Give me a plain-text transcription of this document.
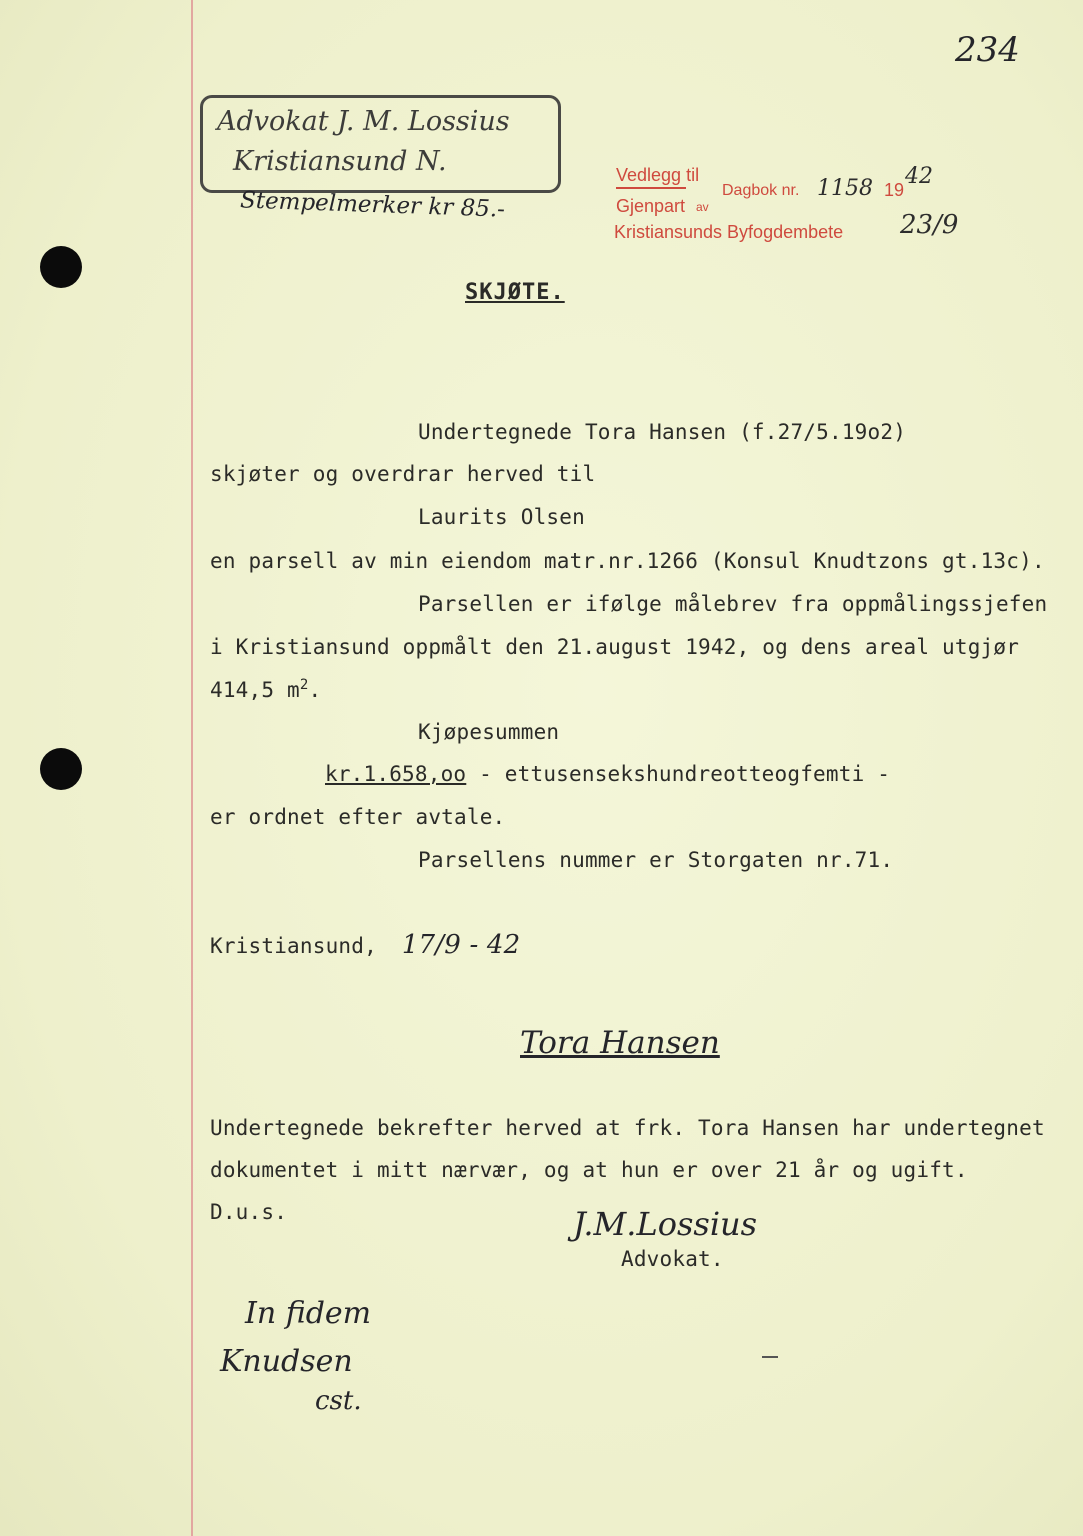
234
Advokat J. M. Lossius
Kristiansund N.
Stempelmerker kr 85.-
Vedlegg til
Dagbok nr. 1158 19
42
Gjenpart av
Kristiansunds Byfogdembete 23/9
SKJØTE.
Undertegnede Tora Hansen (f.27/5.19o2)
skjøter og overdrar herved til
Laurits Olsen
en parsell av min eiendom matr.nr.1266 (Konsul Knudtzons gt.13c).
Parsellen er ifølge målebrev fra oppmålingssjefen
i Kristiansund oppmålt den 21.august 1942, og dens areal utgjør
414,5 $m^2$.
Kjøpesummen
kr.1.658,oo - ettusensekshundreotteogfemti -
er ordnet efter avtale.
Parsellens nummer er Storgaten nr.71.
Kristiansund, 17/9 - 42
Tora Hansen
Undertegnede bekrefter herved at frk. Tora Hansen har undertegnet
dokumentet i mitt nærvær, og at hun er over 21 år og ugift.
D.u.s.	J.M.Lossius
Advokat.
In fidem
Knudsen
cst.
